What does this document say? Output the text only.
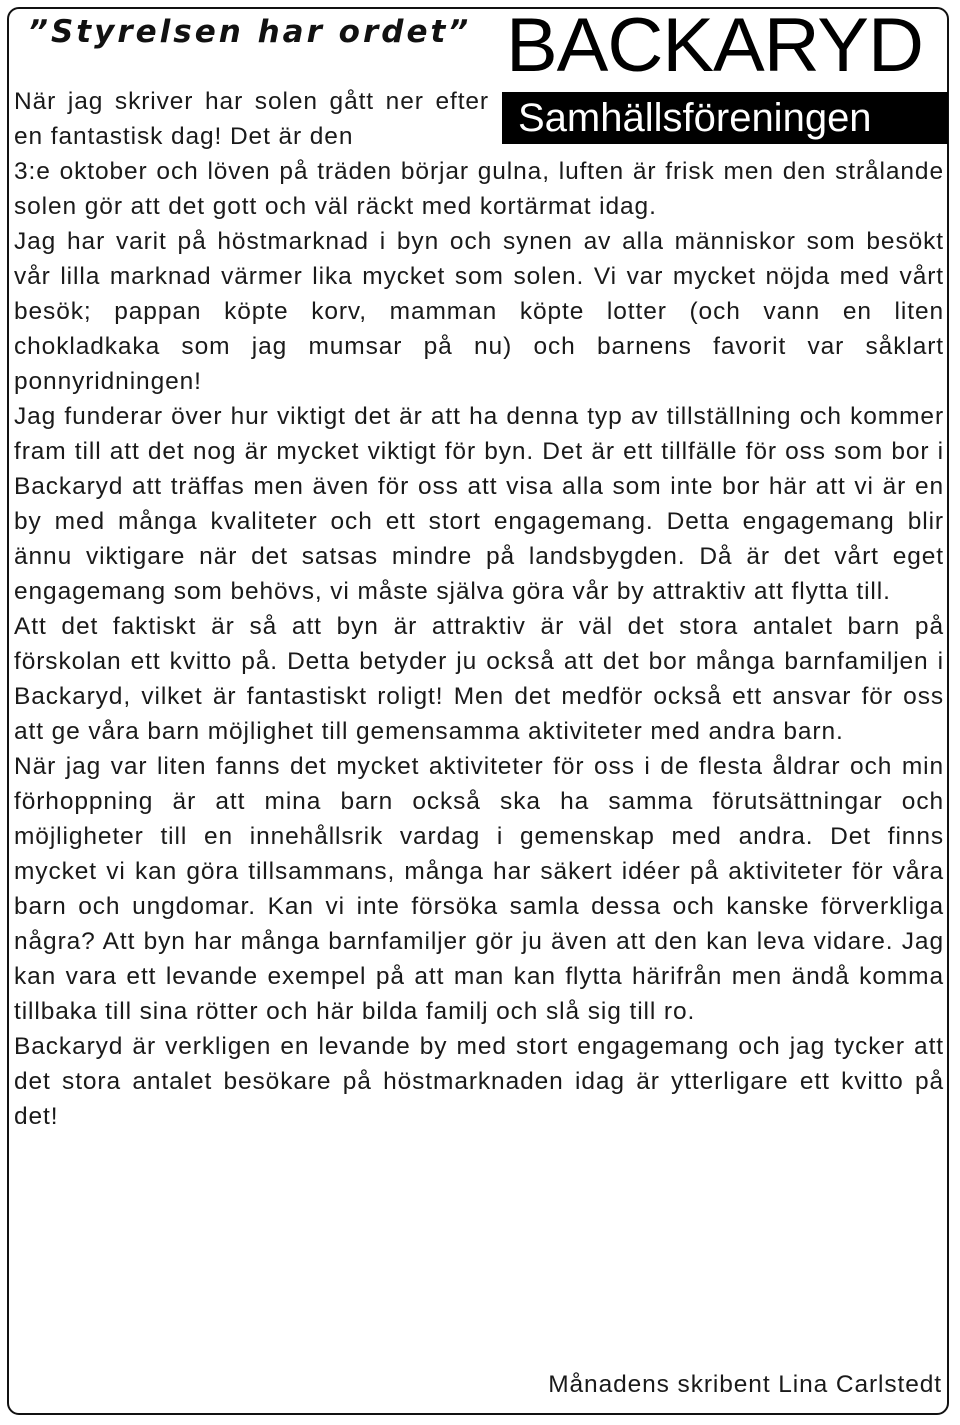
”Styrelsen har ordet” BACKARYD
Samhällsföreningen

När jag skriver har solen gått ner efter en fantastisk dag! Det är den

3:e oktober och löven på träden börjar gulna, luften är frisk men den strålande solen gör att det gott och väl räckt med kortärmat idag.

Jag har varit på höstmarknad i byn och synen av alla människor som besökt vår lilla marknad värmer lika mycket som solen. Vi var mycket nöjda med vårt besök; pappan köpte korv, mamman köpte lotter (och vann en liten chokladkaka som jag mumsar på nu) och barnens favorit var såklart ponnyridningen!

Jag funderar över hur viktigt det är att ha denna typ av tillställning och kommer fram till att det nog är mycket viktigt för byn. Det är ett tillfälle för oss som bor i Backaryd att träffas men även för oss att visa alla som inte bor här att vi är en by med många kvaliteter och ett stort engagemang. Detta engagemang blir ännu viktigare när det satsas mindre på landsbygden. Då är det vårt eget engagemang som behövs, vi måste själva göra vår by attraktiv att flytta till.

Att det faktiskt är så att byn är attraktiv är väl det stora antalet barn på förskolan ett kvitto på. Detta betyder ju också att det bor många barnfamiljen i Backaryd, vilket är fantastiskt roligt! Men det medför också ett ansvar för oss att ge våra barn möjlighet till gemensamma aktiviteter med andra barn.

När jag var liten fanns det mycket aktiviteter för oss i de flesta åldrar och min förhoppning är att mina barn också ska ha samma förutsättningar och möjligheter till en innehållsrik vardag i gemenskap med andra. Det finns mycket vi kan göra tillsammans, många har säkert idéer på aktiviteter för våra barn och ungdomar. Kan vi inte försöka samla dessa och kanske förverkliga några? Att byn har många barnfamiljer gör ju även att den kan leva vidare. Jag kan vara ett levande exempel på att man kan flytta härifrån men ändå komma tillbaka till sina rötter och här bilda familj och slå sig till ro.

Backaryd är verkligen en levande by med stort engagemang och jag tycker att det stora antalet besökare på höstmarknaden idag är ytterligare ett kvitto på det!

Månadens skribent Lina Carlstedt
